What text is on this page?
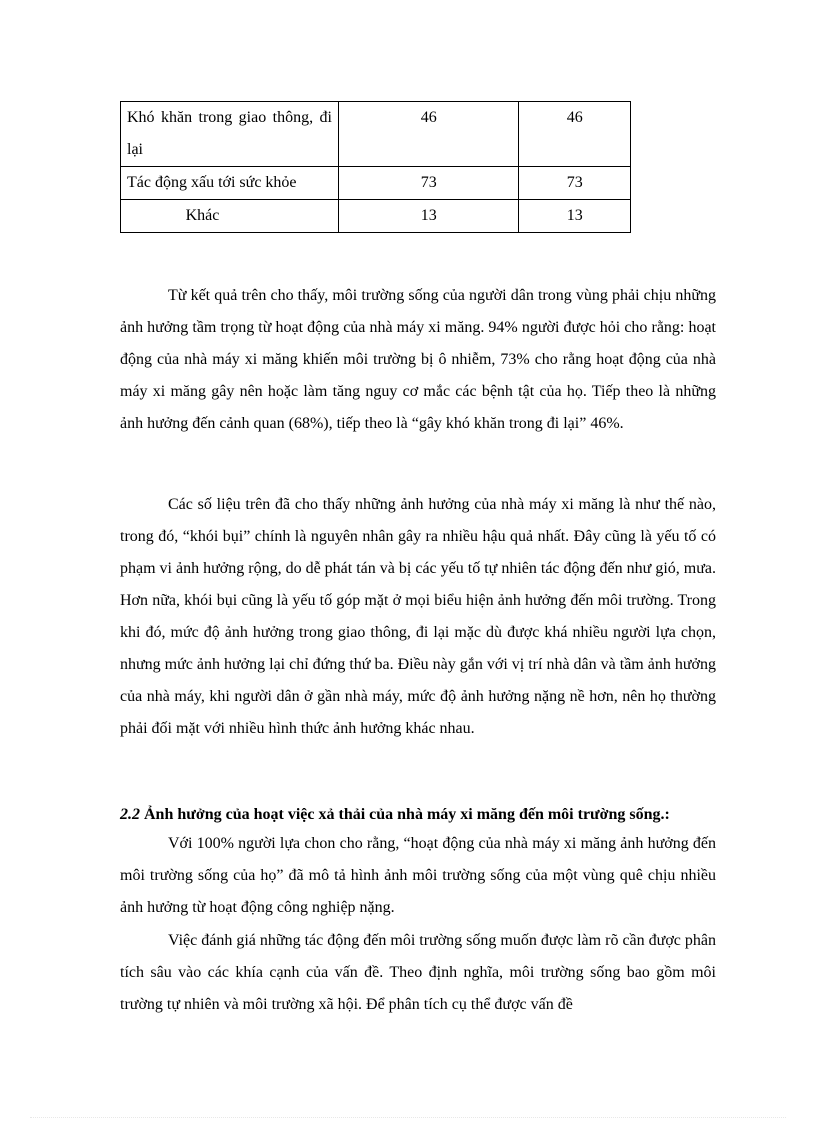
Khó khăn trong giao thông, đi lại	46	46
Tác động xấu tới sức khỏe	73	73
Khác	13	13

Từ kết quả trên cho thấy, môi trường sống của người dân trong vùng phải chịu những ảnh hưởng tầm trọng từ hoạt động của nhà máy xi măng. 94% người được hỏi cho rằng: hoạt động của nhà máy xi măng khiến môi trường bị ô nhiễm, 73% cho rằng hoạt động của nhà máy xi măng gây nên hoặc làm tăng nguy cơ mắc các bệnh tật của họ. Tiếp theo là những ảnh hưởng đến cảnh quan (68%), tiếp theo là “gây khó khăn trong đi lại” 46%.

Các số liệu trên đã cho thấy những ảnh hưởng của nhà máy xi măng là như thế nào, trong đó, “khói bụi” chính là nguyên nhân gây ra nhiều hậu quả nhất. Đây cũng là yếu tố có phạm vi ảnh hưởng rộng, do dễ phát tán và bị các yếu tố tự nhiên tác động đến như gió, mưa. Hơn nữa, khói bụi cũng là yếu tố góp mặt ở mọi biểu hiện ảnh hưởng đến môi trường. Trong khi đó, mức độ ảnh hưởng trong giao thông, đi lại mặc dù được khá nhiều người lựa chọn, nhưng mức ảnh hưởng lại chỉ đứng thứ ba. Điều này gắn với vị trí nhà dân và tầm ảnh hưởng của nhà máy, khi người dân ở gần nhà máy, mức độ ảnh hưởng nặng nề hơn, nên họ thường phải đối mặt với nhiều hình thức ảnh hưởng khác nhau.

2.2 Ảnh hưởng của hoạt việc xả thải của nhà máy xi măng đến môi trường sống.:

Với 100% người lựa chon cho rằng, “hoạt động của nhà máy xi măng ảnh hưởng đến môi trường sống của họ” đã mô tả hình ảnh môi trường sống của một vùng quê chịu nhiều ảnh hưởng từ hoạt động công nghiệp nặng.

Việc đánh giá những tác động đến môi trường sống muốn được làm rõ cần được phân tích sâu vào các khía cạnh của vấn đề. Theo định nghĩa, môi trường sống bao gồm môi trường tự nhiên và môi trường xã hội. Để phân tích cụ thể được vấn đề
